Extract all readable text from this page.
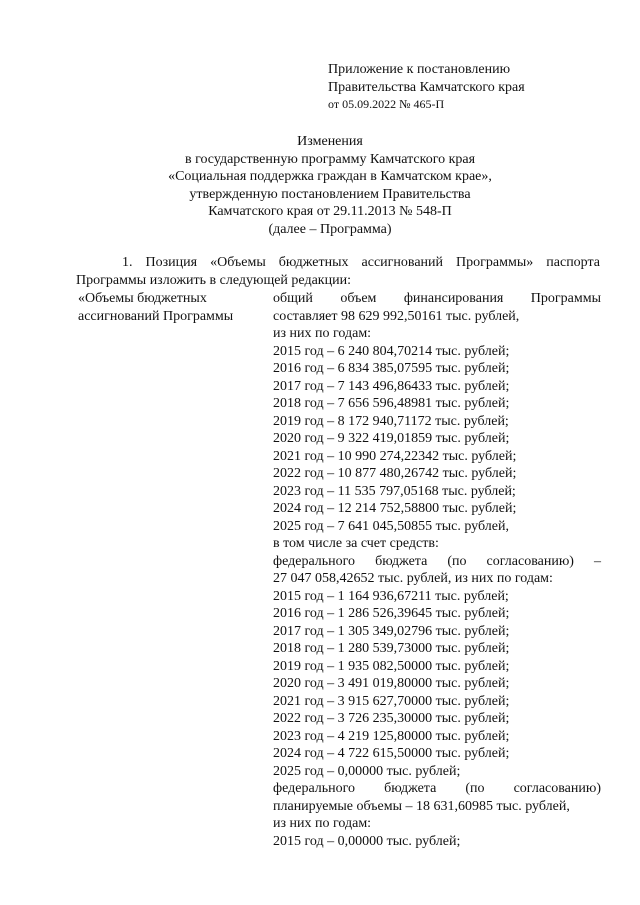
Приложение к постановлению
Правительства Камчатского края
от 05.09.2022 № 465-П
Изменения
в государственную программу Камчатского края
«Социальная поддержка граждан в Камчатском крае»,
утвержденную постановлением Правительства
Камчатского края от 29.11.2013 № 548-П
(далее – Программа)
1. Позиция «Объемы бюджетных ассигнований Программы» паспорта
Программы изложить в следующей редакции:
«Объемы бюджетных
ассигнований Программы
общий объем финансирования Программы
составляет 98 629 992,50161 тыс. рублей,
из них по годам:
2015 год – 6 240 804,70214 тыс. рублей;
2016 год – 6 834 385,07595 тыс. рублей;
2017 год – 7 143 496,86433 тыс. рублей;
2018 год – 7 656 596,48981 тыс. рублей;
2019 год – 8 172 940,71172 тыс. рублей;
2020 год – 9 322 419,01859 тыс. рублей;
2021 год – 10 990 274,22342 тыс. рублей;
2022 год – 10 877 480,26742 тыс. рублей;
2023 год – 11 535 797,05168 тыс. рублей;
2024 год – 12 214 752,58800 тыс. рублей;
2025 год – 7 641 045,50855 тыс. рублей,
в том числе за счет средств:
федерального бюджета (по согласованию) –
27 047 058,42652 тыс. рублей, из них по годам:
2015 год – 1 164 936,67211 тыс. рублей;
2016 год – 1 286 526,39645 тыс. рублей;
2017 год – 1 305 349,02796 тыс. рублей;
2018 год – 1 280 539,73000 тыс. рублей;
2019 год – 1 935 082,50000 тыс. рублей;
2020 год – 3 491 019,80000 тыс. рублей;
2021 год – 3 915 627,70000 тыс. рублей;
2022 год – 3 726 235,30000 тыс. рублей;
2023 год – 4 219 125,80000 тыс. рублей;
2024 год – 4 722 615,50000 тыс. рублей;
2025 год – 0,00000 тыс. рублей;
федерального бюджета (по согласованию)
планируемые объемы – 18 631,60985 тыс. рублей,
из них по годам:
2015 год – 0,00000 тыс. рублей;
